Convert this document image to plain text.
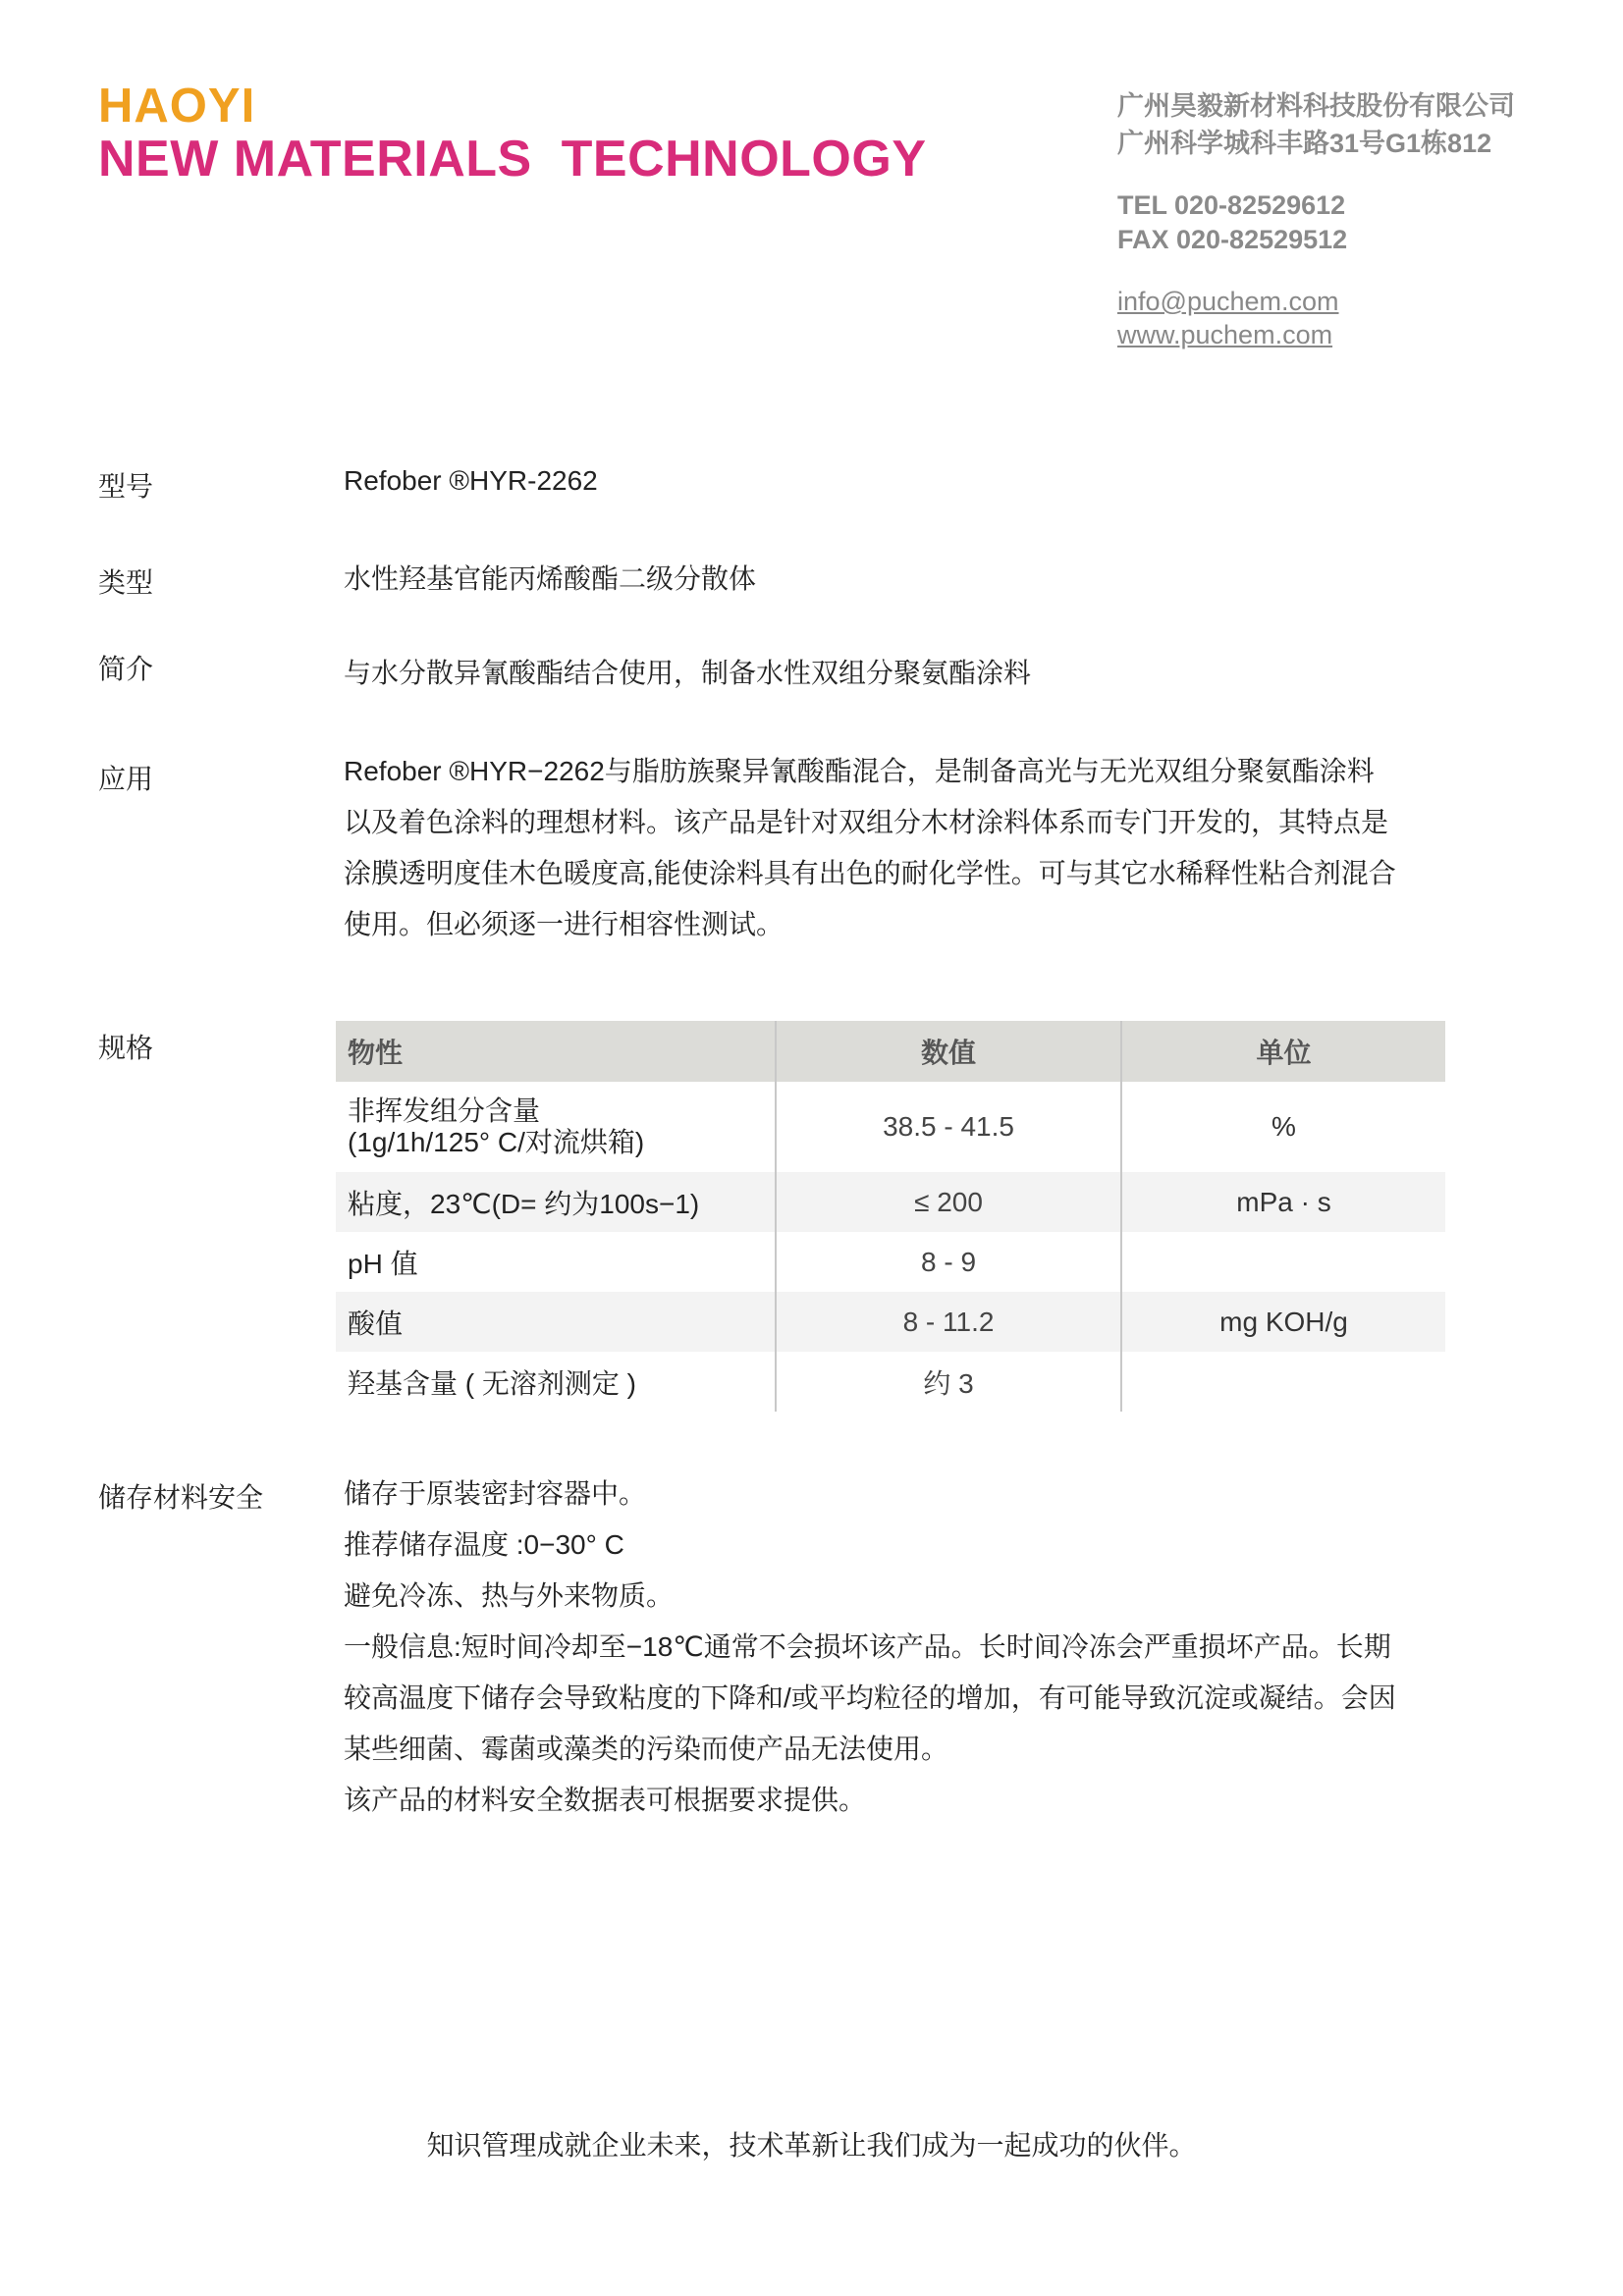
HAOYI
NEW MATERIALS  TECHNOLOGY
广州昊毅新材料科技股份有限公司
广州科学城科丰路31号G1栋812
TEL 020-82529612
FAX 020-82529512
info@puchem.com
www.puchem.com
型号	Refober ®HYR-2262
类型	水性羟基官能丙烯酸酯二级分散体
简介	与水分散异氰酸酯结合使用，制备水性双组分聚氨酯涂料
应用	Refober ®HYR−2262与脂肪族聚异氰酸酯混合，是制备高光与无光双组分聚氨酯涂料
以及着色涂料的理想材料。该产品是针对双组分木材涂料体系而专门开发的，其特点是
涂膜透明度佳木色暖度高,能使涂料具有出色的耐化学性。可与其它水稀释性粘合剂混合
使用。但必须逐一进行相容性测试。
规格	物性	数值	单位

非挥发组分含量
(1g/1h/125° C/对流烘箱)	38.5 - 41.5	%
粘度，23℃(D= 约为100s−1)	≤ 200	mPa · s
pH 值	8 - 9	
酸值	8 - 11.2	mg KOH/g
羟基含量 ( 无溶剂测定 )	约 3	
储存材料安全	储存于原装密封容器中。
推荐储存温度 :0−30° C
避免冷冻、热与外来物质。
一般信息:短时间冷却至−18℃通常不会损坏该产品。长时间冷冻会严重损坏产品。长期
较高温度下储存会导致粘度的下降和/或平均粒径的增加，有可能导致沉淀或凝结。会因
某些细菌、霉菌或藻类的污染而使产品无法使用。
该产品的材料安全数据表可根据要求提供。
知识管理成就企业未来，技术革新让我们成为一起成功的伙伴。
